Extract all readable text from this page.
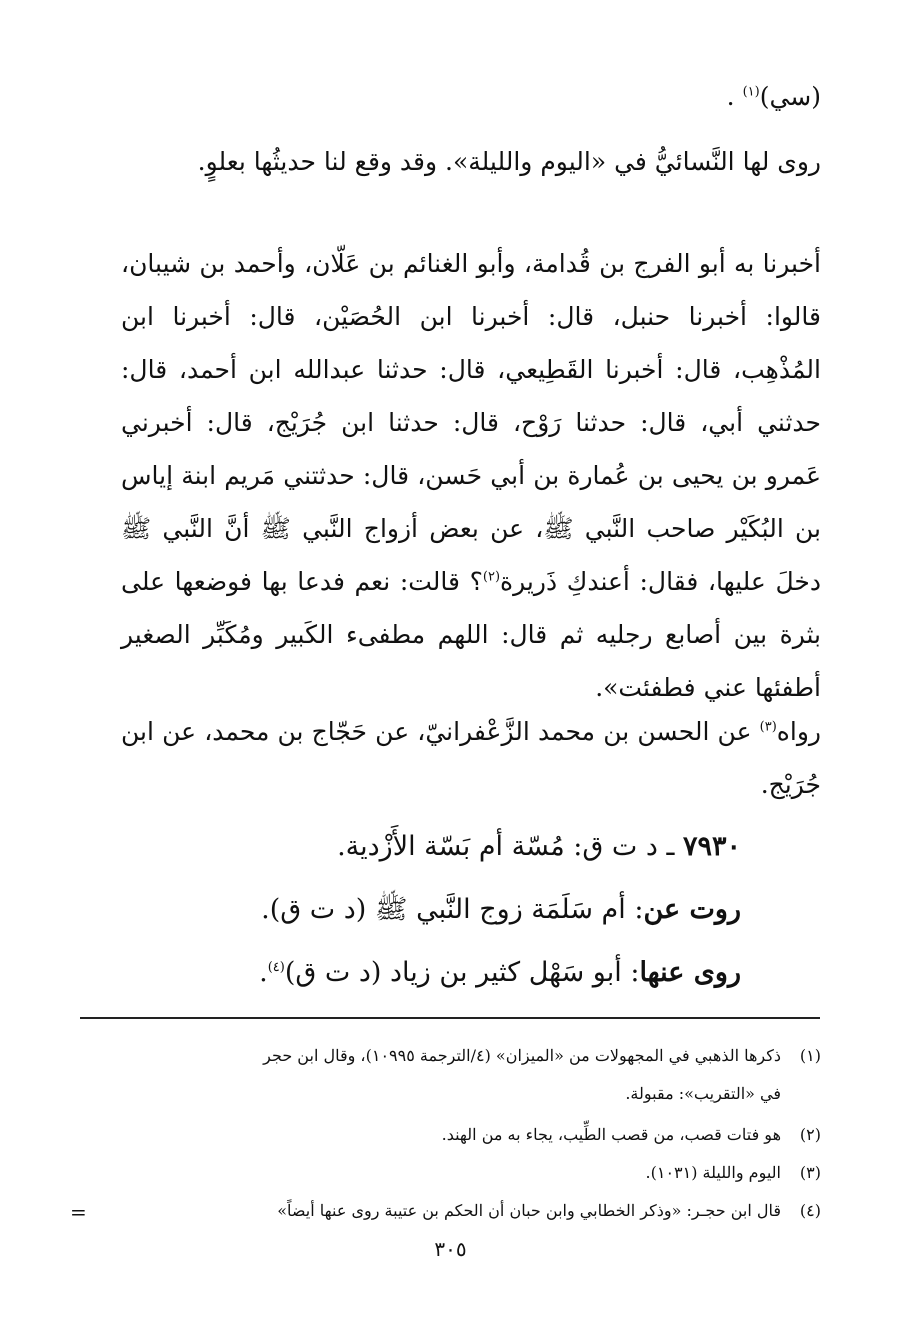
(سي)$^{(١)}$ .

روى لها النَّسائيُّ في «اليوم والليلة». وقد وقع لنا حديثُها بعلوٍ.

أخبرنا به أبو الفرج بن قُدامة، وأبو الغنائم بن عَلّان، وأحمد بن شيبان، قالوا: أخبرنا حنبل، قال: أخبرنا ابن الحُصَيْن، قال: أخبرنا ابن المُذْهِب، قال: أخبرنا القَطِيعي، قال: حدثنا عبدالله ابن أحمد، قال: حدثني أبي، قال: حدثنا رَوْح، قال: حدثنا ابن جُرَيْج، قال: أخبرني عَمرو بن يحيى بن عُمارة بن أبي حَسن، قال: حدثتني مَريم ابنة إياس بن البُكَيْر صاحب النَّبي ﷺ، عن بعض أزواج النَّبي ﷺ أنَّ النَّبي ﷺ دخلَ عليها، فقال: أعندكِ ذَريرة$^{(٢)}$؟ قالت: نعم فدعا بها فوضعها على بثرة بين أصابع رجليه ثم قال: اللهم مطفىء الكَبير ومُكَبِّر الصغير أطفئها عني فطفئت».

رواه$^{(٣)}$ عن الحسن بن محمد الزَّعْفرانيّ، عن حَجّاج بن محمد، عن ابن جُرَيْج.

٧٩٣٠ ـ د ت ق: مُسّة أم بَسّة الأَزْدية.

روت عن: أم سَلَمَة زوج النَّبي ﷺ (د ت ق).

روى عنها: أبو سَهْل كثير بن زياد (د ت ق)$^{(٤)}$.

(١)ذكرها الذهبي في المجهولات من «الميزان» (٤/الترجمة ١٠٩٩٥)، وقال ابن حجر
في «التقريب»: مقبولة.
(٢)هو فتات قصب، من قصب الطِّيب، يجاء به من الهند.
(٣)اليوم والليلة (١٠٣١).
(٤)قال ابن حجـر: «وذكر الخطابي وابن حبان أن الحكم بن عتيبة روى عنها أيضاً»
=
٣٠٥
